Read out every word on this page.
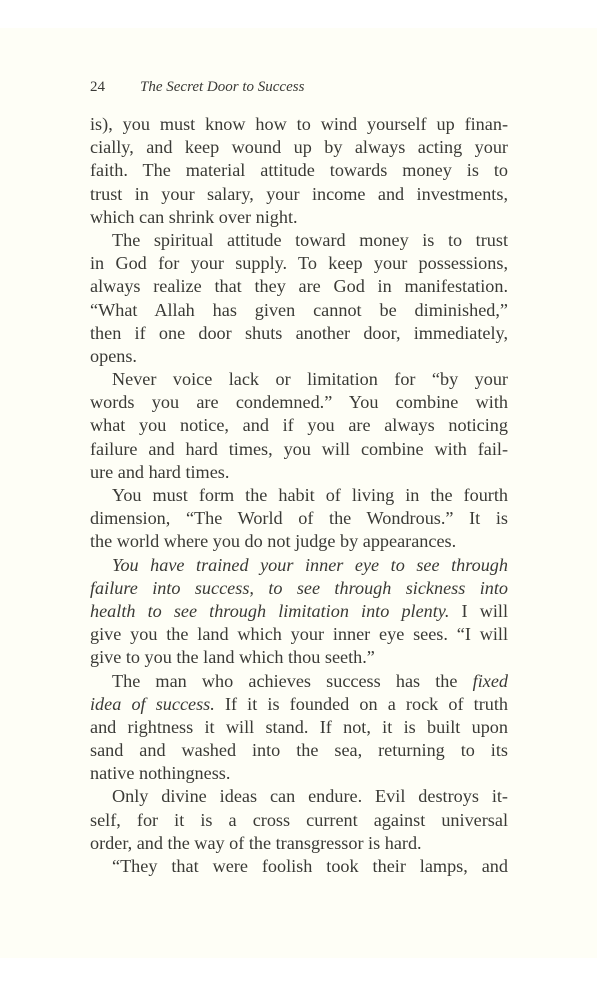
24 The Secret Door to Success
is), you must know how to wind yourself up finan-
cially, and keep wound up by always acting your
faith. The material attitude towards money is to
trust in your salary, your income and investments,
which can shrink over night.
The spiritual attitude toward money is to trust
in God for your supply. To keep your possessions,
always realize that they are God in manifestation.
“What Allah has given cannot be diminished,”
then if one door shuts another door, immediately,
opens.
Never voice lack or limitation for “by your
words you are condemned.” You combine with
what you notice, and if you are always noticing
failure and hard times, you will combine with fail-
ure and hard times.
You must form the habit of living in the fourth
dimension, “The World of the Wondrous.” It is
the world where you do not judge by appearances.
You have trained your inner eye to see through
failure into success, to see through sickness into
health to see through limitation into plenty. I will
give you the land which your inner eye sees. “I will
give to you the land which thou seeth.”
The man who achieves success has the fixed
idea of success. If it is founded on a rock of truth
and rightness it will stand. If not, it is built upon
sand and washed into the sea, returning to its
native nothingness.
Only divine ideas can endure. Evil destroys it-
self, for it is a cross current against universal
order, and the way of the transgressor is hard.
“They that were foolish took their lamps, and
